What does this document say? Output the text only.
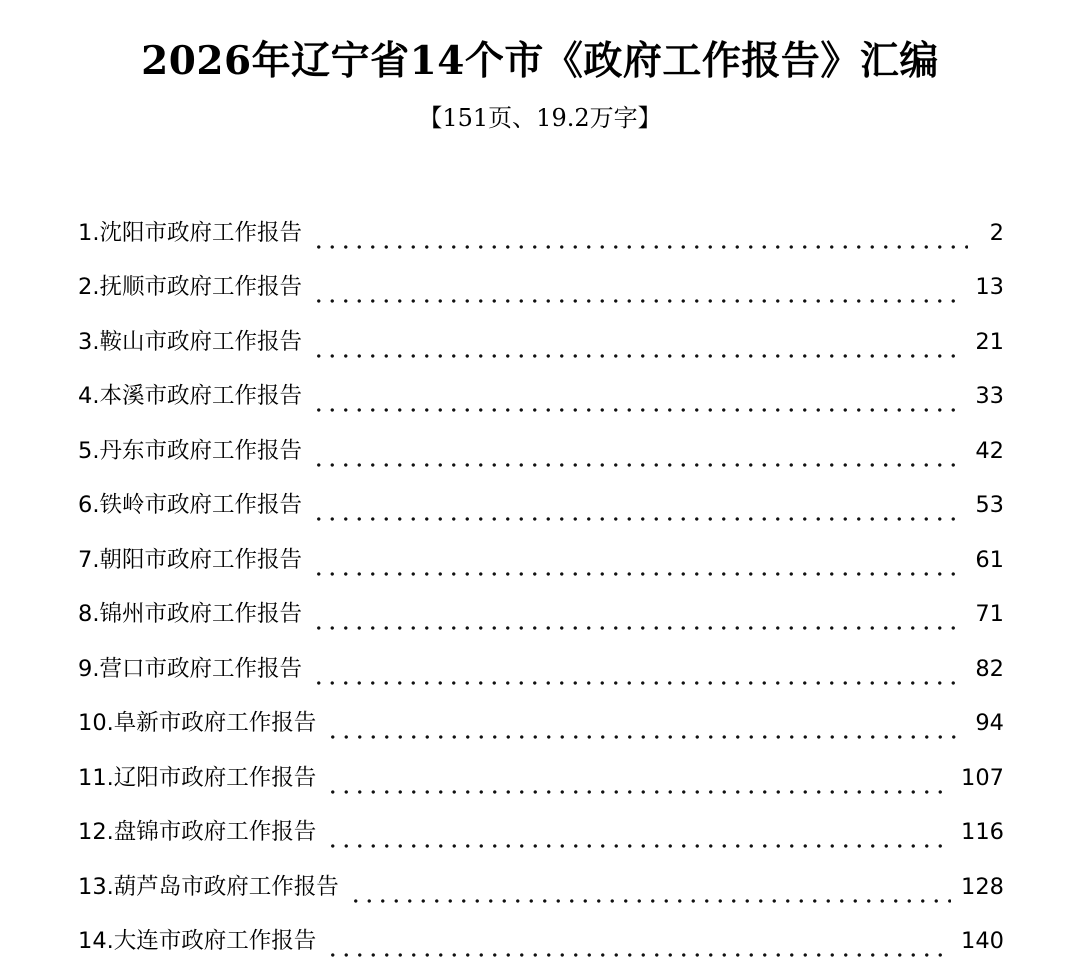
2026年辽宁省14个市《政府工作报告》汇编
【151页、19.2万字】
1.沈阳市政府工作报告	2
2.抚顺市政府工作报告	13
3.鞍山市政府工作报告	21
4.本溪市政府工作报告	33
5.丹东市政府工作报告	42
6.铁岭市政府工作报告	53
7.朝阳市政府工作报告	61
8.锦州市政府工作报告	71
9.营口市政府工作报告	82
10.阜新市政府工作报告	94
11.辽阳市政府工作报告	107
12.盘锦市政府工作报告	116
13.葫芦岛市政府工作报告	128
14.大连市政府工作报告	140
